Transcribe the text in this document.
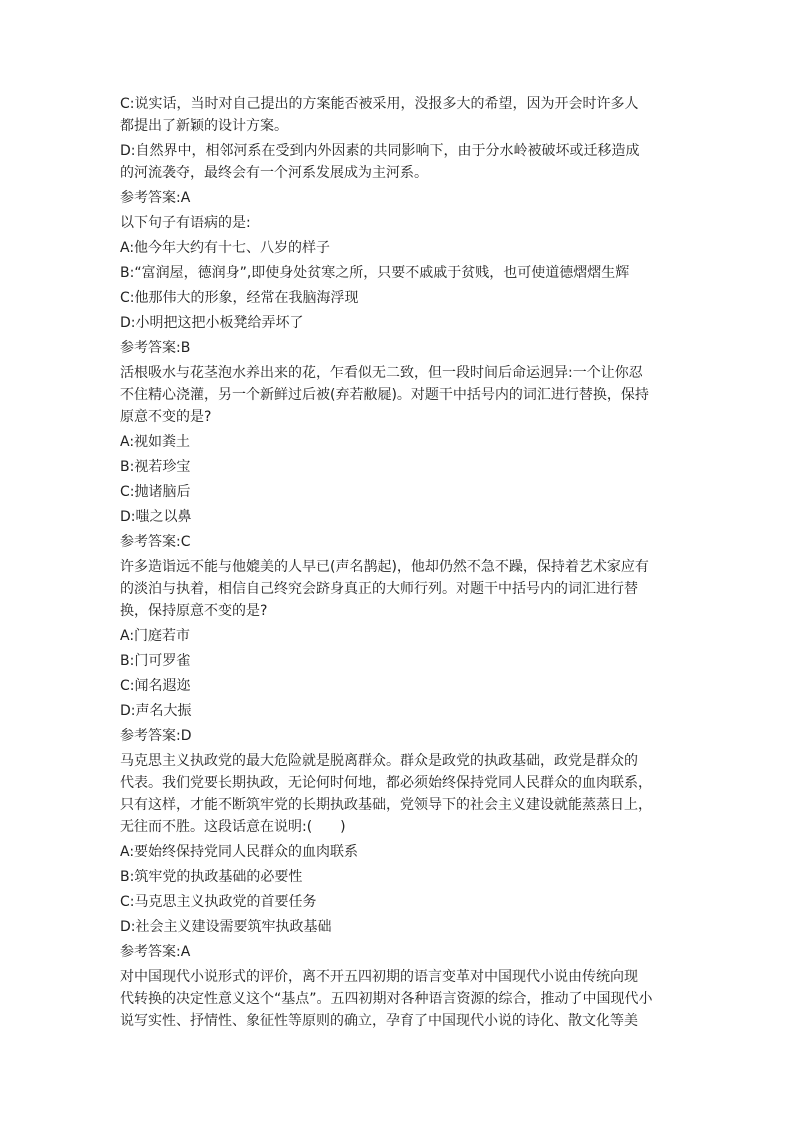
C:说实话，当时对自己提出的方案能否被采用，没报多大的希望，因为开会时许多人
都提出了新颖的设计方案。
D:自然界中，相邻河系在受到内外因素的共同影响下，由于分水岭被破坏或迁移造成
的河流袭夺，最终会有一个河系发展成为主河系。
参考答案:A
以下句子有语病的是:
A:他今年大约有十七、八岁的样子
B:“富润屋，德润身”,即使身处贫寒之所，只要不戚戚于贫贱，也可使道德熠熠生辉
C:他那伟大的形象，经常在我脑海浮现
D:小明把这把小板凳给弄坏了
参考答案:B
活根吸水与花茎泡水养出来的花，乍看似无二致，但一段时间后命运迥异:一个让你忍
不住精心浇灌，另一个新鲜过后被(弃若敝屣)。对题干中括号内的词汇进行替换，保持
原意不变的是?
A:视如粪土
B:视若珍宝
C:抛诸脑后
D:嗤之以鼻
参考答案:C
许多造诣远不能与他媲美的人早已(声名鹊起)，他却仍然不急不躁，保持着艺术家应有
的淡泊与执着，相信自己终究会跻身真正的大师行列。对题干中括号内的词汇进行替
换，保持原意不变的是?
A:门庭若市
B:门可罗雀
C:闻名遐迩
D:声名大振
参考答案:D
马克思主义执政党的最大危险就是脱离群众。群众是政党的执政基础，政党是群众的
代表。我们党要长期执政，无论何时何地，都必须始终保持党同人民群众的血肉联系，
只有这样，才能不断筑牢党的长期执政基础，党领导下的社会主义建设就能蒸蒸日上，
无往而不胜。这段话意在说明:(　　)
A:要始终保持党同人民群众的血肉联系
B:筑牢党的执政基础的必要性
C:马克思主义执政党的首要任务
D:社会主义建设需要筑牢执政基础
参考答案:A
对中国现代小说形式的评价，离不开五四初期的语言变革对中国现代小说由传统向现
代转换的决定性意义这个“基点”。五四初期对各种语言资源的综合，推动了中国现代小
说写实性、抒情性、象征性等原则的确立，孕育了中国现代小说的诗化、散文化等美
